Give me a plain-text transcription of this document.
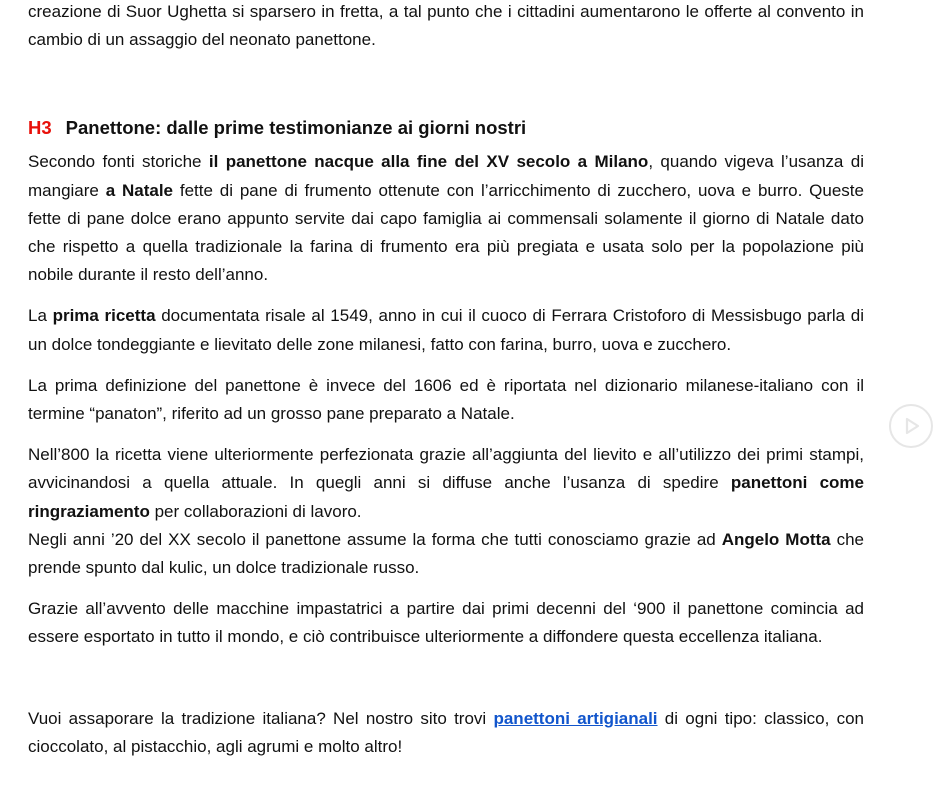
creazione di Suor Ughetta si sparsero in fretta, a tal punto che i cittadini aumentarono le offerte al convento in cambio di un assaggio del neonato panettone.

H3 Panettone: dalle prime testimonianze ai giorni nostri

Secondo fonti storiche il panettone nacque alla fine del XV secolo a Milano, quando vigeva l’usanza di mangiare a Natale fette di pane di frumento ottenute con l’arricchimento di zucchero, uova e burro. Queste fette di pane dolce erano appunto servite dai capo famiglia ai commensali solamente il giorno di Natale dato che rispetto a quella tradizionale la farina di frumento era più pregiata e usata solo per la popolazione più nobile durante il resto dell’anno.

La prima ricetta documentata risale al 1549, anno in cui il cuoco di Ferrara Cristoforo di Messisbugo parla di un dolce tondeggiante e lievitato delle zone milanesi, fatto con farina, burro, uova e zucchero.

La prima definizione del panettone è invece del 1606 ed è riportata nel dizionario milanese-italiano con il termine “panaton”, riferito ad un grosso pane preparato a Natale.

Nell’800 la ricetta viene ulteriormente perfezionata grazie all’aggiunta del lievito e all’utilizzo dei primi stampi, avvicinandosi a quella attuale. In quegli anni si diffuse anche l’usanza di spedire panettoni come ringraziamento per collaborazioni di lavoro.
Negli anni ’20 del XX secolo il panettone assume la forma che tutti conosciamo grazie ad Angelo Motta che prende spunto dal kulic, un dolce tradizionale russo.

Grazie all’avvento delle macchine impastatrici a partire dai primi decenni del ‘900 il panettone comincia ad essere esportato in tutto il mondo, e ciò contribuisce ulteriormente a diffondere questa eccellenza italiana.

Vuoi assaporare la tradizione italiana? Nel nostro sito trovi panettoni artigianali di ogni tipo: classico, con cioccolato, al pistacchio, agli agrumi e molto altro!
